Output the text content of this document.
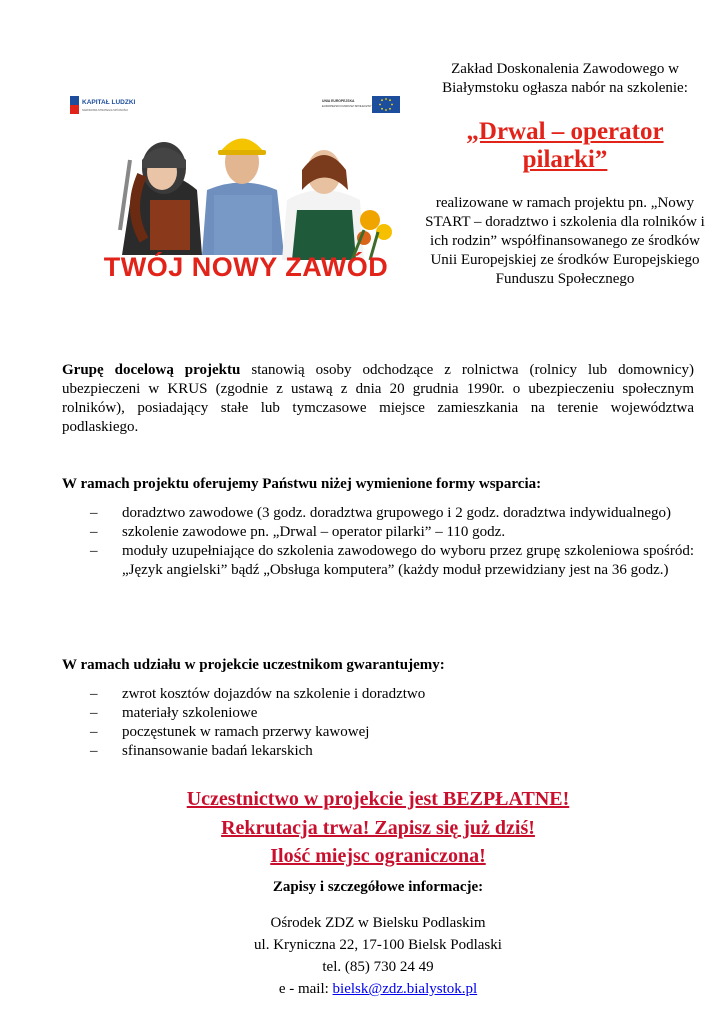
KAPITAŁ LUDZKI
NARODOWA STRATEGIA SPÓJNOŚCI
UNIA EUROPEJSKA
EUROPEJSKI FUNDUSZ SPOŁECZNY
TWÓJ NOWY ZAWÓD
Zakład Doskonalenia Zawodowego w Białymstoku ogłasza nabór na szkolenie:
„Drwal – operator pilarki”
realizowane w ramach projektu pn. „Nowy START – doradztwo i szkolenia dla rolników i ich rodzin” współfinansowanego ze środków Unii Europejskiej ze środków Europejskiego Funduszu Społecznego
Grupę docelową projektu stanowią osoby odchodzące z rolnictwa (rolnicy lub domownicy) ubezpieczeni w KRUS (zgodnie z ustawą z dnia 20 grudnia 1990r. o ubezpieczeniu społecznym rolników), posiadający stałe lub tymczasowe miejsce zamieszkania na terenie województwa podlaskiego.
W ramach projektu oferujemy Państwu niżej wymienione formy wsparcia:
– doradztwo zawodowe (3 godz. doradztwa grupowego i 2 godz. doradztwa indywidualnego)
– szkolenie zawodowe pn. „Drwal – operator pilarki” – 110 godz.
– moduły uzupełniające do szkolenia zawodowego do wyboru przez grupę szkoleniowa spośród: „Język angielski” bądź „Obsługa komputera” (każdy moduł przewidziany jest na 36 godz.)
W ramach udziału w projekcie uczestnikom gwarantujemy:
– zwrot kosztów dojazdów na szkolenie i doradztwo
– materiały szkoleniowe
– poczęstunek w ramach przerwy kawowej
– sfinansowanie badań lekarskich
Uczestnictwo w projekcie jest BEZPŁATNE!
Rekrutacja trwa! Zapisz się już dziś!
Ilość miejsc ograniczona!
Zapisy i szczegółowe informacje:
Ośrodek ZDZ w Bielsku Podlaskim
ul. Kryniczna 22, 17-100 Bielsk Podlaski
tel. (85) 730 24 49
e - mail: bielsk@zdz.bialystok.pl
